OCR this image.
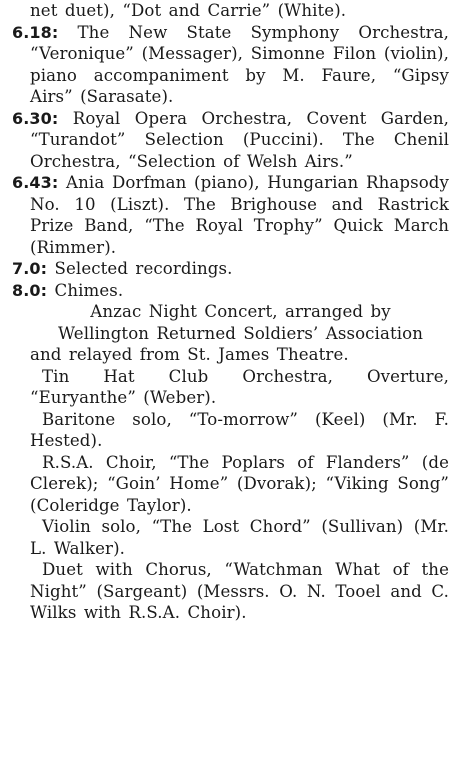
net duet), “Dot and Carrie” (White).

6.18: The New State Symphony Orchestra, “Veronique” (Messager), Simonne Filon (violin), piano accompaniment by M. Faure, “Gipsy Airs” (Sarasate).

6.30: Royal Opera Orchestra, Covent Garden, “Turandot” Selection (Puccini). The Chenil Orchestra, “Selection of Welsh Airs.”

6.43: Ania Dorfman (piano), Hungarian Rhapsody No. 10 (Liszt). The Brighouse and Rastrick Prize Band, “The Royal Trophy” Quick March (Rimmer).

7.0: Selected recordings.

8.0: Chimes.

Anzac Night Concert, arranged by Wellington Returned Soldiers’ Association

and relayed from St. James Theatre.

Tin Hat Club Orchestra, Overture, “Euryanthe” (Weber).

Baritone solo, “To-morrow” (Keel) (Mr. F. Hested).

R.S.A. Choir, “The Poplars of Flanders” (de Clerek); “Goin’ Home” (Dvorak); “Viking Song” (Coleridge Taylor).

Violin solo, “The Lost Chord” (Sullivan) (Mr. L. Walker).

Duet with Chorus, “Watchman What of the Night” (Sargeant) (Messrs. O. N. Tooel and C. Wilks with R.S.A. Choir).
